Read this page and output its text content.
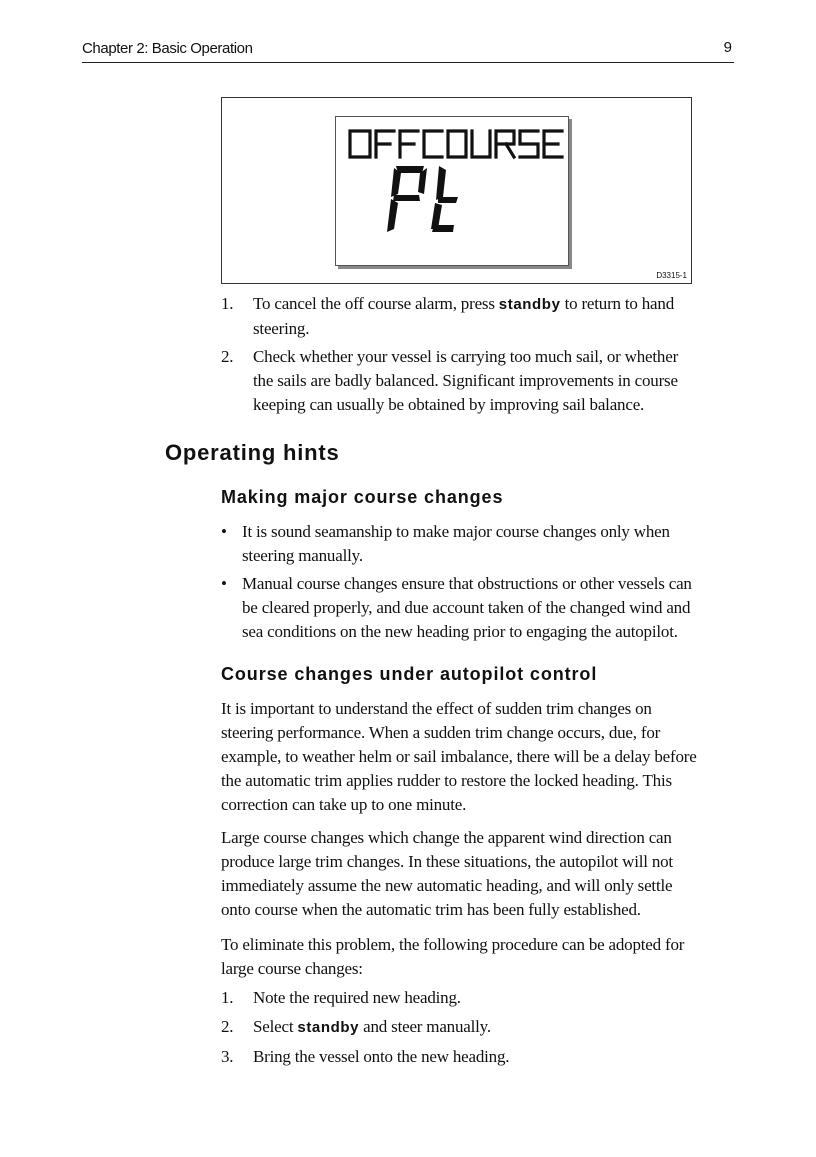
Chapter 2: Basic Operation	9
D3315-1
1. To cancel the off course alarm, press standby to return to hand
steering.
2. Check whether your vessel is carrying too much sail, or whether
the sails are badly balanced. Significant improvements in course
keeping can usually be obtained by improving sail balance.
Operating hints
Making major course changes
• It is sound seamanship to make major course changes only when
steering manually.
• Manual course changes ensure that obstructions or other vessels can
be cleared properly, and due account taken of the changed wind and
sea conditions on the new heading prior to engaging the autopilot.
Course changes under autopilot control
It is important to understand the effect of sudden trim changes on
steering performance. When a sudden trim change occurs, due, for
example, to weather helm or sail imbalance, there will be a delay before
the automatic trim applies rudder to restore the locked heading. This
correction can take up to one minute.
Large course changes which change the apparent wind direction can
produce large trim changes. In these situations, the autopilot will not
immediately assume the new automatic heading, and will only settle
onto course when the automatic trim has been fully established.
To eliminate this problem, the following procedure can be adopted for
large course changes:
1. Note the required new heading.
2. Select standby and steer manually.
3. Bring the vessel onto the new heading.
